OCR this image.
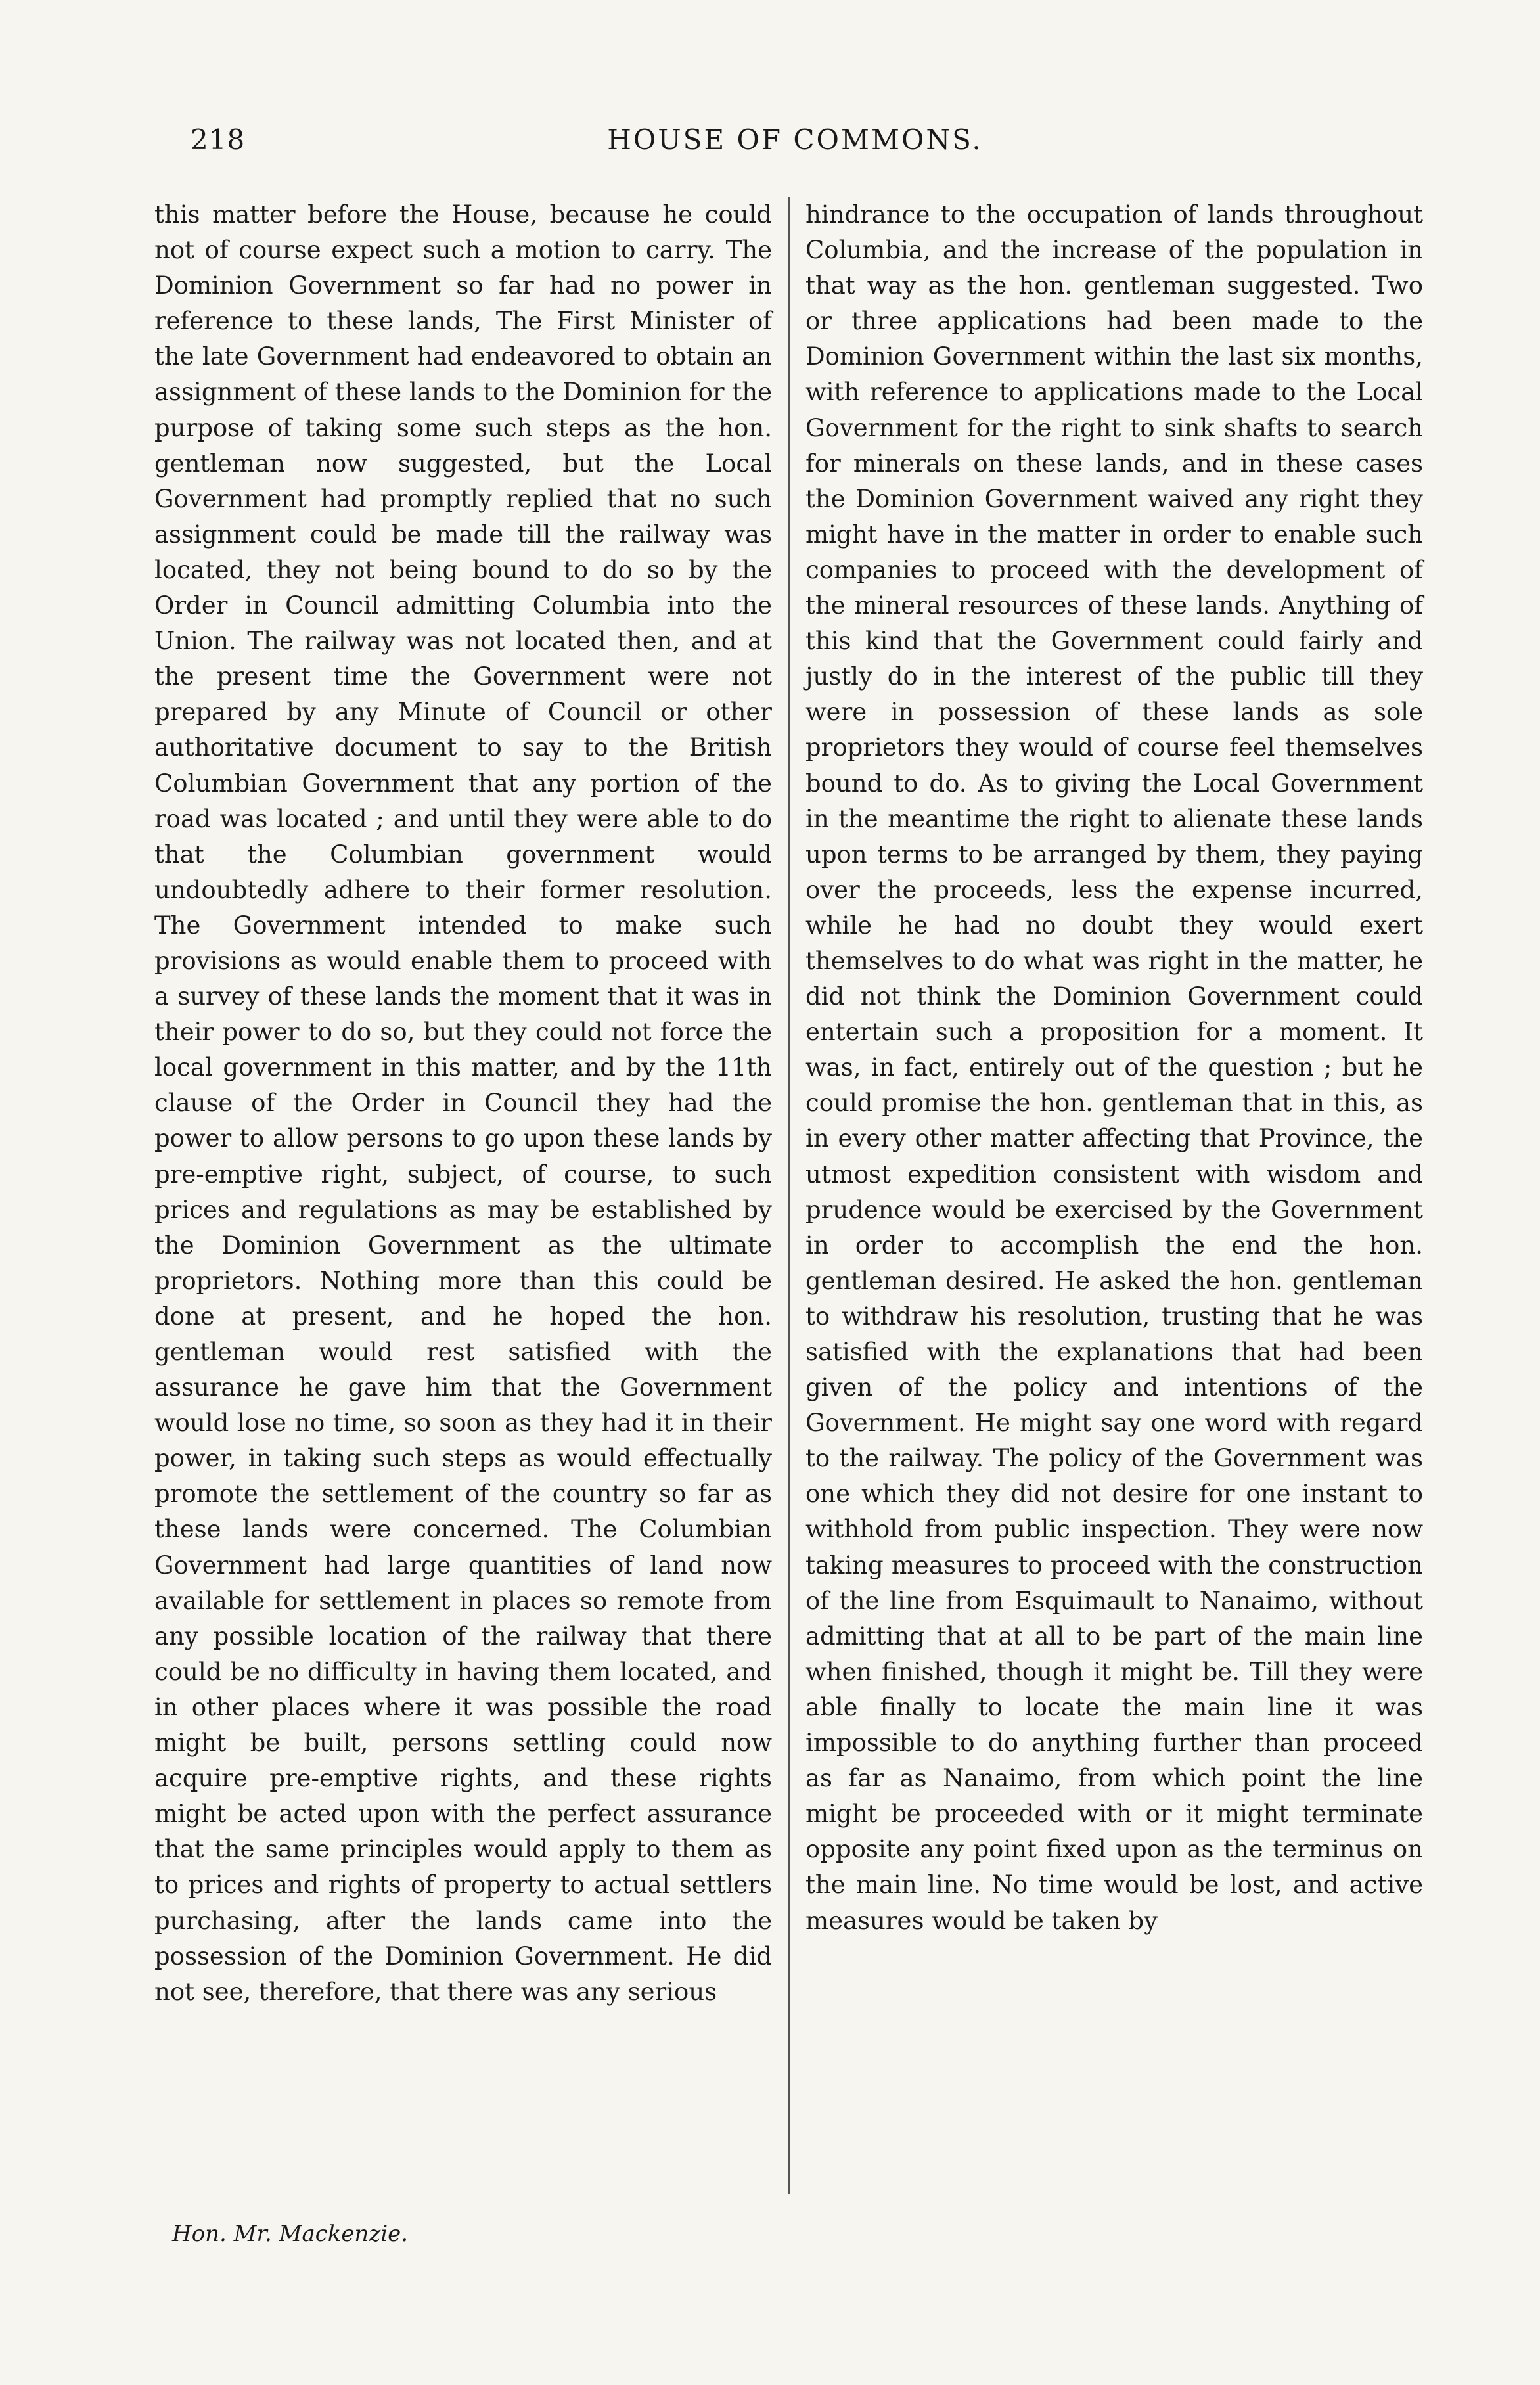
218	HOUSE OF COMMONS.

this matter before the House, because he could not of course expect such a motion to carry. The Dominion Government so far had no power in reference to these lands, The First Minister of the late Government had endeavored to obtain an assignment of these lands to the Dominion for the purpose of taking some such steps as the hon. gentleman now suggested, but the Local Government had promptly replied that no such assignment could be made till the railway was located, they not being bound to do so by the Order in Council admitting Columbia into the Union. The railway was not located then, and at the present time the Government were not prepared by any Minute of Council or other authoritative document to say to the British Columbian Government that any portion of the road was located ; and until they were able to do that the Columbian government would undoubtedly adhere to their former resolution. The Government intended to make such provisions as would enable them to proceed with a survey of these lands the moment that it was in their power to do so, but they could not force the local government in this matter, and by the 11th clause of the Order in Council they had the power to allow persons to go upon these lands by pre-emptive right, subject, of course, to such prices and regulations as may be established by the Dominion Government as the ultimate proprietors. Nothing more than this could be done at present, and he hoped the hon. gentleman would rest satisfied with the assurance he gave him that the Government would lose no time, so soon as they had it in their power, in taking such steps as would effectually promote the settlement of the country so far as these lands were concerned. The Columbian Government had large quantities of land now available for settlement in places so remote from any possible location of the railway that there could be no difficulty in having them located, and in other places where it was possible the road might be built, persons settling could now acquire pre-emptive rights, and these rights might be acted upon with the perfect assurance that the same principles would apply to them as to prices and rights of property to actual settlers purchasing, after the lands came into the possession of the Dominion Government. He did not see, therefore, that there was any serious

hindrance to the occupation of lands throughout Columbia, and the increase of the population in that way as the hon. gentleman suggested. Two or three applications had been made to the Dominion Government within the last six months, with reference to applications made to the Local Government for the right to sink shafts to search for minerals on these lands, and in these cases the Dominion Government waived any right they might have in the matter in order to enable such companies to proceed with the development of the mineral resources of these lands. Anything of this kind that the Government could fairly and justly do in the interest of the public till they were in possession of these lands as sole proprietors they would of course feel themselves bound to do. As to giving the Local Government in the meantime the right to alienate these lands upon terms to be arranged by them, they paying over the proceeds, less the expense incurred, while he had no doubt they would exert themselves to do what was right in the matter, he did not think the Dominion Government could entertain such a proposition for a moment. It was, in fact, entirely out of the question ; but he could promise the hon. gentleman that in this, as in every other matter affecting that Province, the utmost expedition consistent with wisdom and prudence would be exercised by the Government in order to accomplish the end the hon. gentleman desired. He asked the hon. gentleman to withdraw his resolution, trusting that he was satisfied with the explanations that had been given of the policy and intentions of the Government. He might say one word with regard to the railway. The policy of the Government was one which they did not desire for one instant to withhold from public inspection. They were now taking measures to proceed with the construction of the line from Esquimault to Nanaimo, without admitting that at all to be part of the main line when finished, though it might be. Till they were able finally to locate the main line it was impossible to do anything further than proceed as far as Nanaimo, from which point the line might be proceeded with or it might terminate opposite any point fixed upon as the terminus on the main line. No time would be lost, and active measures would be taken by

Hon. Mr. Mackenzie.
